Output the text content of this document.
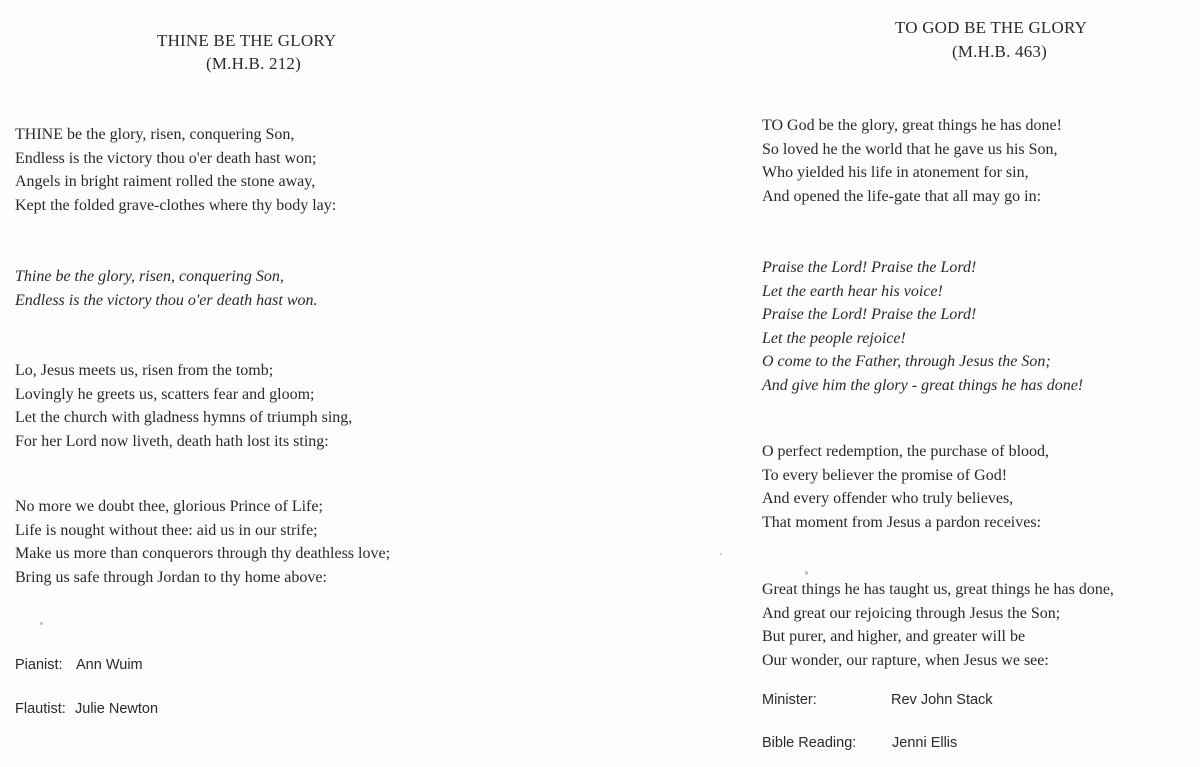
THINE BE THE GLORY
(M.H.B. 212)
THINE be the glory, risen, conquering Son,
Endless is the victory thou o'er death hast won;
Angels in bright raiment rolled the stone away,
Kept the folded grave-clothes where thy body lay:
Thine be the glory, risen, conquering Son,
Endless is the victory thou o'er death hast won.
Lo, Jesus meets us, risen from the tomb;
Lovingly he greets us, scatters fear and gloom;
Let the church with gladness hymns of triumph sing,
For her Lord now liveth, death hath lost its sting:
No more we doubt thee, glorious Prince of Life;
Life is nought without thee: aid us in our strife;
Make us more than conquerors through thy deathless love;
Bring us safe through Jordan to thy home above:
Pianist: Ann Wuim
Flautist: Julie Newton
TO GOD BE THE GLORY
(M.H.B. 463)
TO God be the glory, great things he has done!
So loved he the world that he gave us his Son,
Who yielded his life in atonement for sin,
And opened the life-gate that all may go in:
Praise the Lord! Praise the Lord!
Let the earth hear his voice!
Praise the Lord! Praise the Lord!
Let the people rejoice!
O come to the Father, through Jesus the Son;
And give him the glory - great things he has done!
O perfect redemption, the purchase of blood,
To every believer the promise of God!
And every offender who truly believes,
That moment from Jesus a pardon receives:
Great things he has taught us, great things he has done,
And great our rejoicing through Jesus the Son;
But purer, and higher, and greater will be
Our wonder, our rapture, when Jesus we see:
Minister:	Rev John Stack
Bible Reading: Jenni Ellis
